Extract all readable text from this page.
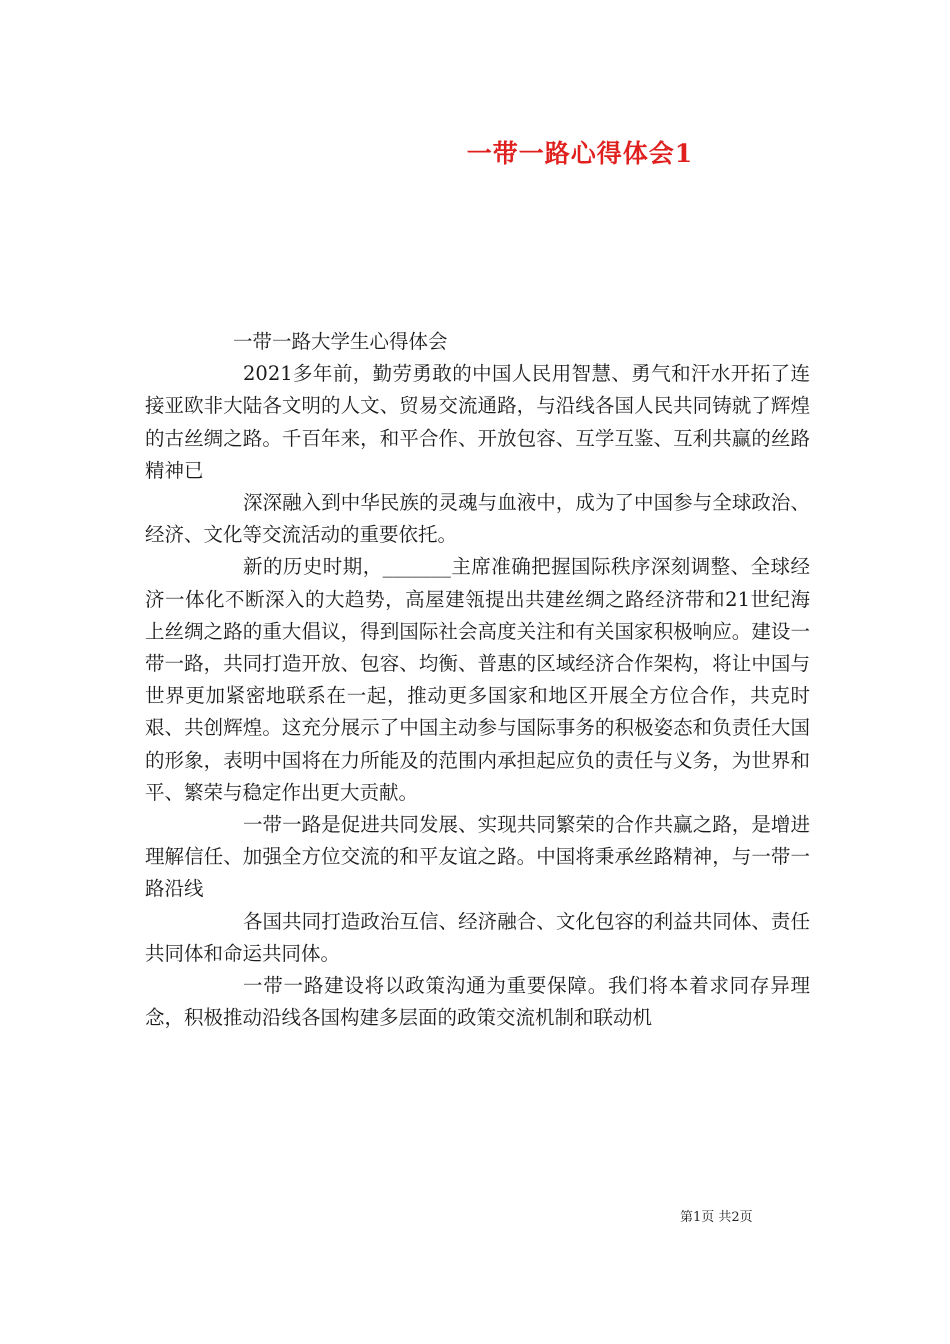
一带一路心得体会1
一带一路大学生心得体会

2021多年前，勤劳勇敢的中国人民用智慧、勇气和汗水开拓了连接亚欧非大陆各文明的人文、贸易交流通路，与沿线各国人民共同铸就了辉煌的古丝绸之路。千百年来，和平合作、开放包容、互学互鉴、互利共赢的丝路精神已

深深融入到中华民族的灵魂与血液中，成为了中国参与全球政治、经济、文化等交流活动的重要依托。

新的历史时期，_______主席准确把握国际秩序深刻调整、全球经济一体化不断深入的大趋势，高屋建瓴提出共建丝绸之路经济带和21世纪海上丝绸之路的重大倡议，得到国际社会高度关注和有关国家积极响应。建设一带一路，共同打造开放、包容、均衡、普惠的区域经济合作架构，将让中国与世界更加紧密地联系在一起，推动更多国家和地区开展全方位合作，共克时艰、共创辉煌。这充分展示了中国主动参与国际事务的积极姿态和负责任大国的形象，表明中国将在力所能及的范围内承担起应负的责任与义务，为世界和平、繁荣与稳定作出更大贡献。

一带一路是促进共同发展、实现共同繁荣的合作共赢之路，是增进理解信任、加强全方位交流的和平友谊之路。中国将秉承丝路精神，与一带一路沿线

各国共同打造政治互信、经济融合、文化包容的利益共同体、责任共同体和命运共同体。

一带一路建设将以政策沟通为重要保障。我们将本着求同存异理念，积极推动沿线各国构建多层面的政策交流机制和联动机

第1页 共2页
